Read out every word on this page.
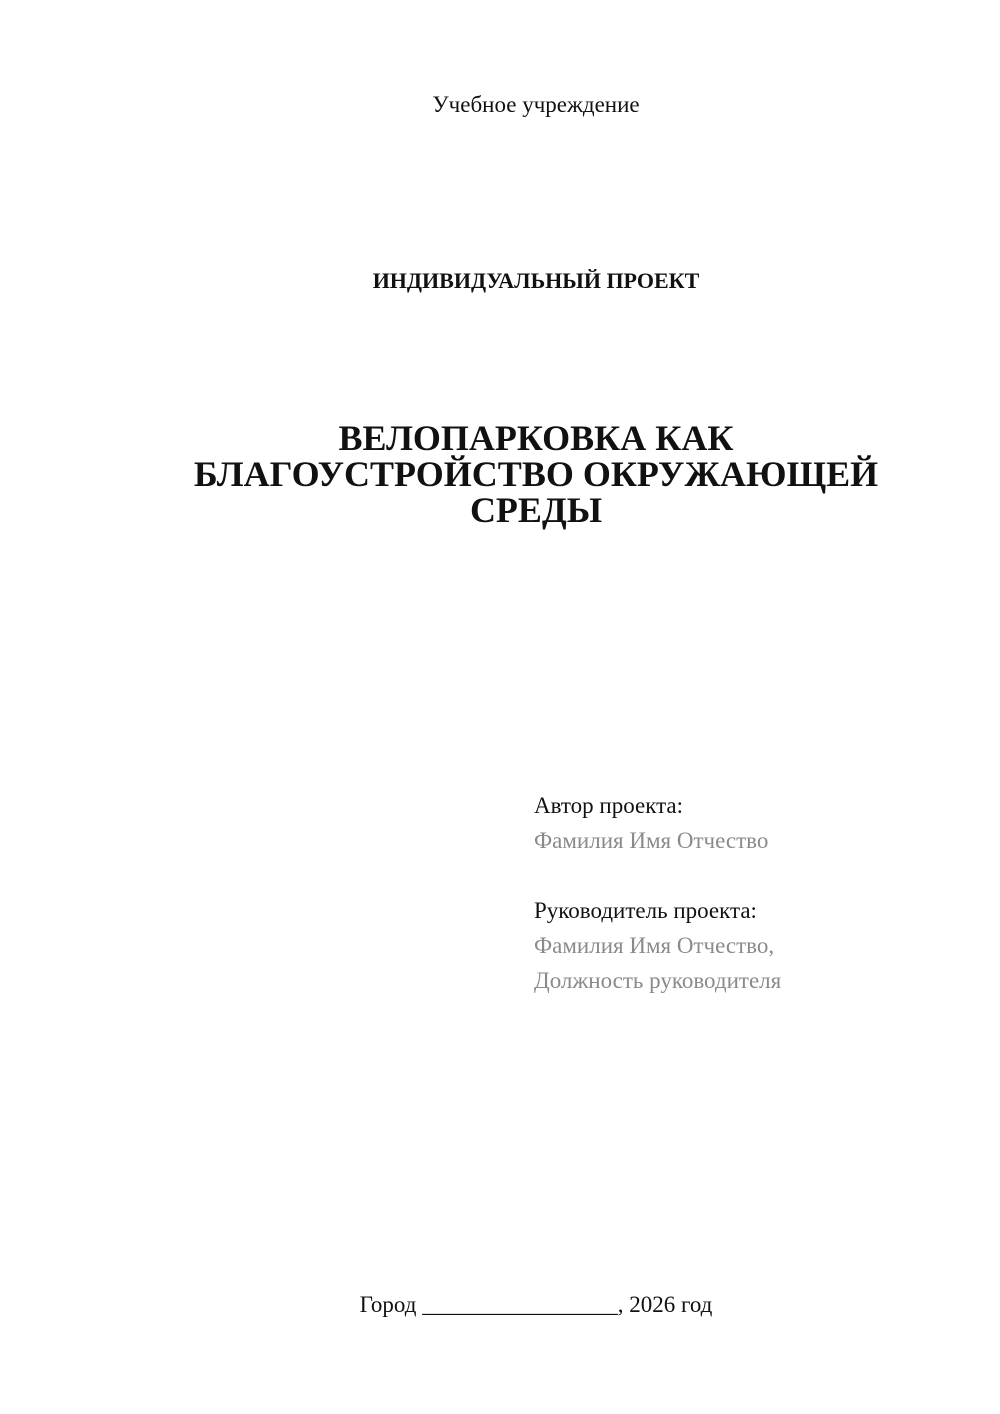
Учебное учреждение
ИНДИВИДУАЛЬНЫЙ ПРОЕКТ
ВЕЛОПАРКОВКА КАК
БЛАГОУСТРОЙСТВО ОКРУЖАЮЩЕЙ
СРЕДЫ
Автор проекта:
Фамилия Имя Отчество
Руководитель проекта:
Фамилия Имя Отчество,
Должность руководителя
Город _________________, 2026 год
